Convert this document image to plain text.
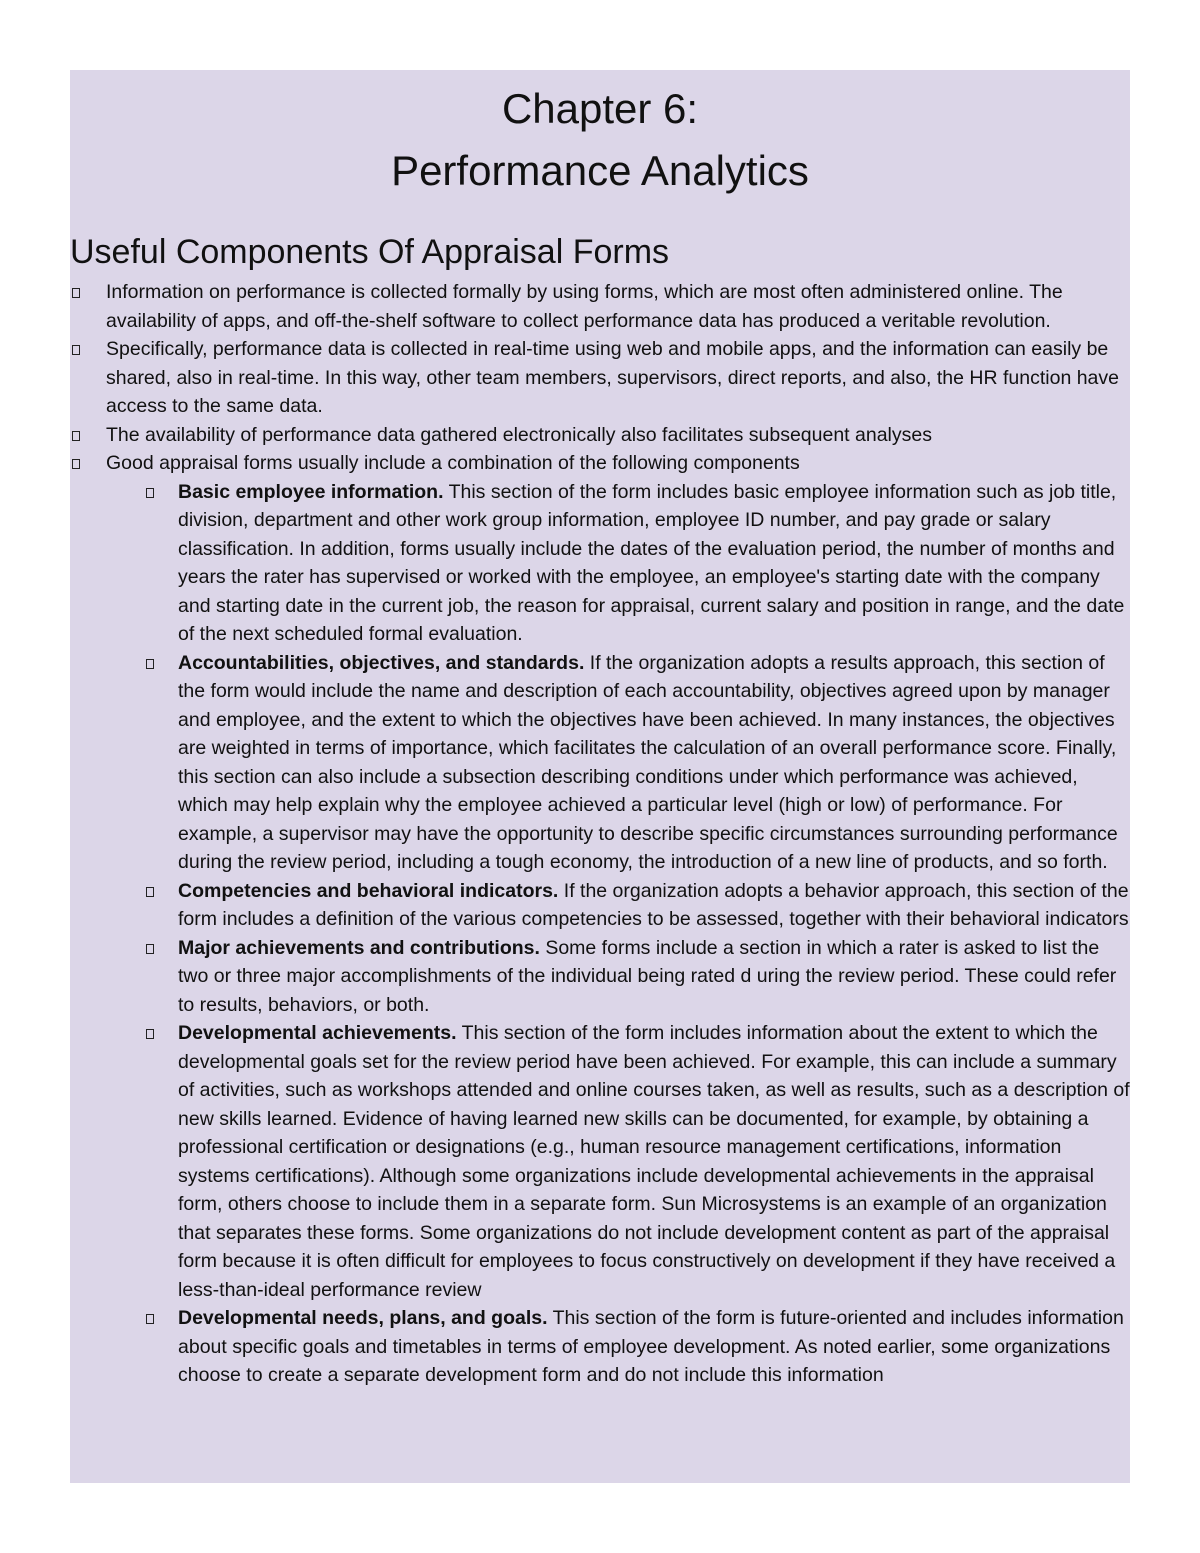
Chapter 6:
Performance Analytics
Useful Components Of Appraisal Forms
Information on performance is collected formally by using forms, which are most often administered online. The availability of apps, and off-the-shelf software to collect performance data has produced a veritable revolution.
Specifically, performance data is collected in real-time using web and mobile apps, and the information can easily be shared, also in real-time. In this way, other team members, supervisors, direct reports, and also, the HR function have access to the same data.
The availability of performance data gathered electronically also facilitates subsequent analyses
Good appraisal forms usually include a combination of the following components
Basic employee information. This section of the form includes basic employee information such as job title, division, department and other work group information, employee ID number, and pay grade or salary classification. In addition, forms usually include the dates of the evaluation period, the number of months and years the rater has supervised or worked with the employee, an employee's starting date with the company and starting date in the current job, the reason for appraisal, current salary and position in range, and the date of the next scheduled formal evaluation.
Accountabilities, objectives, and standards. If the organization adopts a results approach, this section of the form would include the name and description of each accountability, objectives agreed upon by manager and employee, and the extent to which the objectives have been achieved. In many instances, the objectives are weighted in terms of importance, which facilitates the calculation of an overall performance score. Finally, this section can also include a subsection describing conditions under which performance was achieved, which may help explain why the employee achieved a particular level (high or low) of performance. For example, a supervisor may have the opportunity to describe specific circumstances surrounding performance during the review period, including a tough economy, the introduction of a new line of products, and so forth.
Competencies and behavioral indicators. If the organization adopts a behavior approach, this section of the form includes a definition of the various competencies to be assessed, together with their behavioral indicators
Major achievements and contributions. Some forms include a section in which a rater is asked to list the two or three major accomplishments of the individual being rated d uring the review period. These could refer to results, behaviors, or both.
Developmental achievements. This section of the form includes information about the extent to which the developmental goals set for the review period have been achieved. For example, this can include a summary of activities, such as workshops attended and online courses taken, as well as results, such as a description of new skills learned. Evidence of having learned new skills can be documented, for example, by obtaining a professional certification or designations (e.g., human resource management certifications, information systems certifications). Although some organizations include developmental achievements in the appraisal form, others choose to include them in a separate form. Sun Microsystems is an example of an organization that separates these forms. Some organizations do not include development content as part of the appraisal form because it is often difficult for employees to focus constructively on development if they have received a less-than-ideal performance review
Developmental needs, plans, and goals. This section of the form is future-oriented and includes information about specific goals and timetables in terms of employee development. As noted earlier, some organizations choose to create a separate development form and do not include this information
